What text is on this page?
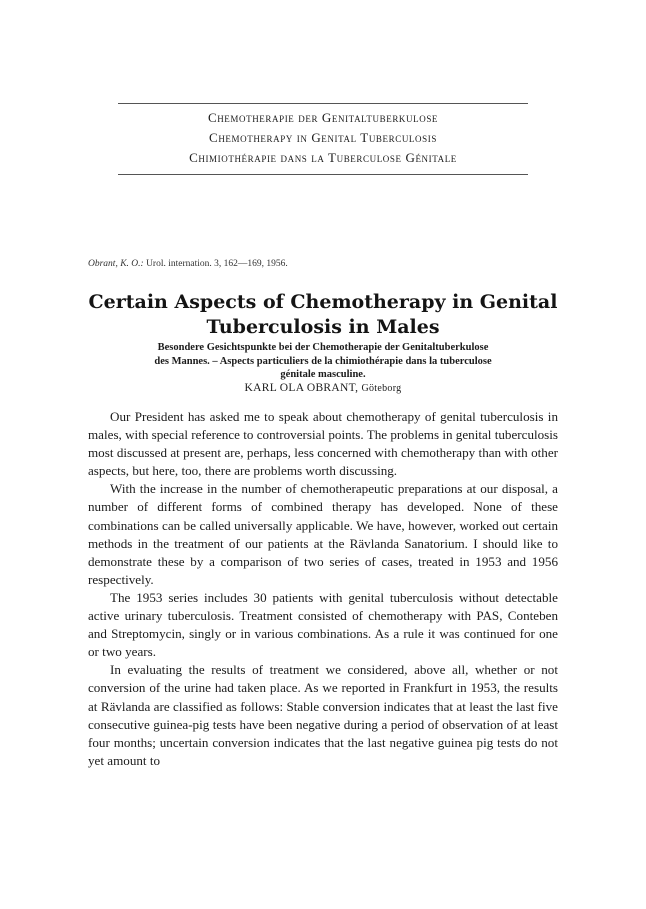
Chemotherapie der Genitaltuberkulose
Chemotherapy in Genital Tuberculosis
Chimiothérapie dans la Tuberculose Génitale
Obrant, K. O.: Urol. internation. 3, 162—169, 1956.
Certain Aspects of Chemotherapy in Genital Tuberculosis in Males
Besondere Gesichtspunkte bei der Chemotherapie der Genitaltuberkulose
des Mannes. – Aspects particuliers de la chimiothérapie dans la tuberculose
génitale masculine.
KARL OLA OBRANT, Göteborg

Our President has asked me to speak about chemotherapy of genital tuberculosis in males, with special reference to controversial points. The problems in genital tuberculosis most discussed at present are, perhaps, less concerned with chemotherapy than with other aspects, but here, too, there are problems worth discussing.

With the increase in the number of chemotherapeutic preparations at our disposal, a number of different forms of combined therapy has developed. None of these combinations can be called universally applicable. We have, however, worked out certain methods in the treatment of our patients at the Rävlanda Sanatorium. I should like to demonstrate these by a comparison of two series of cases, treated in 1953 and 1956 respectively.

The 1953 series includes 30 patients with genital tuberculosis without detectable active urinary tuberculosis. Treatment consisted of chemotherapy with PAS, Conteben and Streptomycin, singly or in various combinations. As a rule it was continued for one or two years.

In evaluating the results of treatment we considered, above all, whether or not conversion of the urine had taken place. As we reported in Frankfurt in 1953, the results at Rävlanda are classified as follows: Stable conversion indicates that at least the last five consecutive guinea-pig tests have been negative during a period of observation of at least four months; uncertain conversion indicates that the last negative guinea pig tests do not yet amount to
